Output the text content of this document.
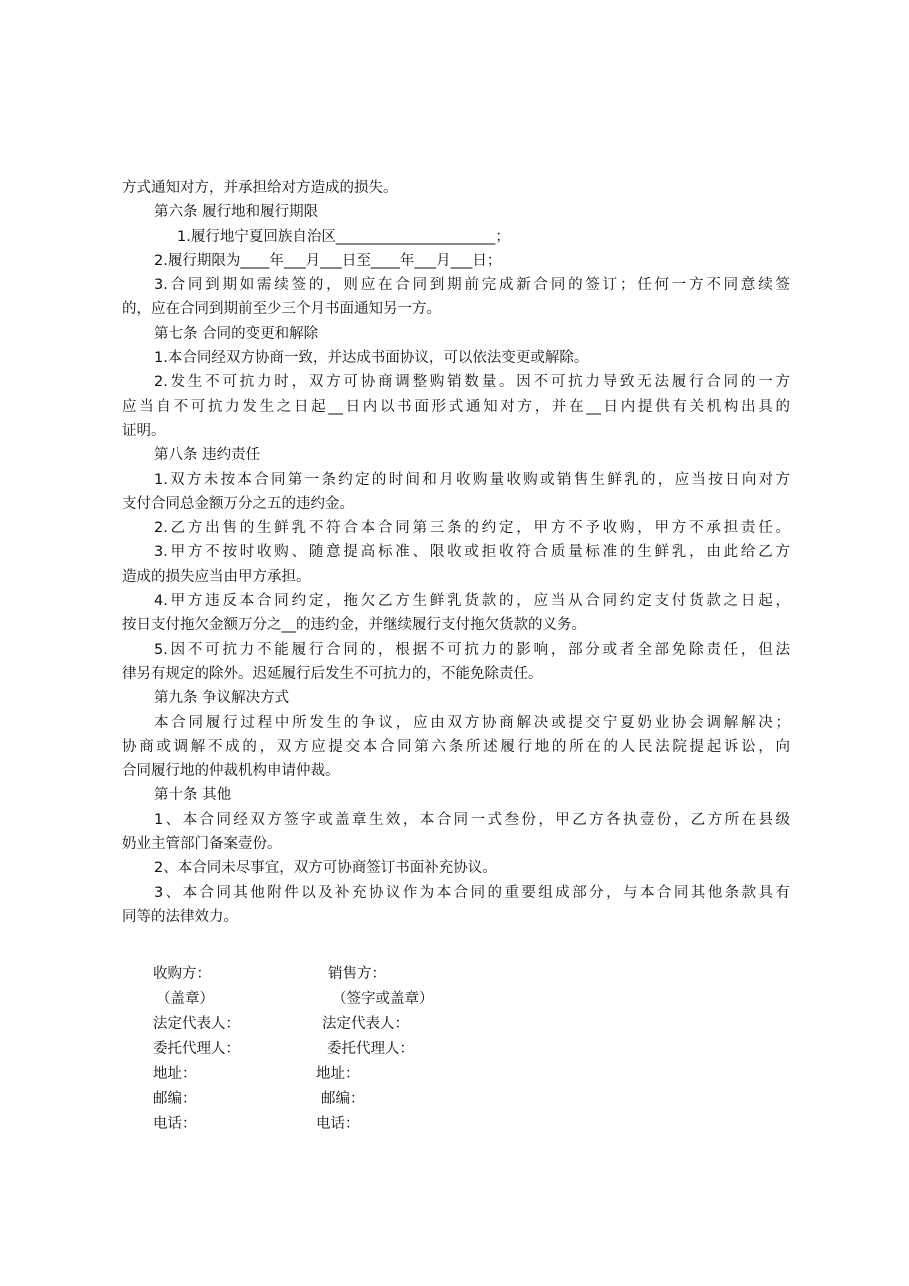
方式通知对方，并承担给对方造成的损失。
第六条 履行地和履行期限
1.履行地宁夏回族自治区______________________；
2.履行期限为____年___月___日至____年___月___日；
3.合同到期如需续签的，则应在合同到期前完成新合同的签订；任何一方不同意续签
的，应在合同到期前至少三个月书面通知另一方。
第七条 合同的变更和解除
1.本合同经双方协商一致，并达成书面协议，可以依法变更或解除。
2.发生不可抗力时，双方可协商调整购销数量。因不可抗力导致无法履行合同的一方
应当自不可抗力发生之日起__日内以书面形式通知对方，并在__日内提供有关机构出具的
证明。
第八条 违约责任
1.双方未按本合同第一条约定的时间和月收购量收购或销售生鲜乳的，应当按日向对方
支付合同总金额万分之五的违约金。
2.乙方出售的生鲜乳不符合本合同第三条的约定，甲方不予收购，甲方不承担责任。
3.甲方不按时收购、随意提高标准、限收或拒收符合质量标准的生鲜乳，由此给乙方
造成的损失应当由甲方承担。
4.甲方违反本合同约定，拖欠乙方生鲜乳货款的，应当从合同约定支付货款之日起，
按日支付拖欠金额万分之__的违约金，并继续履行支付拖欠货款的义务。
5.因不可抗力不能履行合同的，根据不可抗力的影响，部分或者全部免除责任，但法
律另有规定的除外。迟延履行后发生不可抗力的，不能免除责任。
第九条 争议解决方式
本合同履行过程中所发生的争议，应由双方协商解决或提交宁夏奶业协会调解解决；
协商或调解不成的，双方应提交本合同第六条所述履行地的所在的人民法院提起诉讼，向
合同履行地的仲裁机构申请仲裁。
第十条 其他
1、本合同经双方签字或盖章生效，本合同一式叁份，甲乙方各执壹份，乙方所在县级
奶业主管部门备案壹份。
2、本合同未尽事宜，双方可协商签订书面补充协议。
3、本合同其他附件以及补充协议作为本合同的重要组成部分，与本合同其他条款具有
同等的法律效力。
收购方：	销售方：
（盖章）	（签字或盖章）
法定代表人：	法定代表人：
委托代理人：	委托代理人：
地址：	地址：
邮编：	邮编：
电话：	电话：
